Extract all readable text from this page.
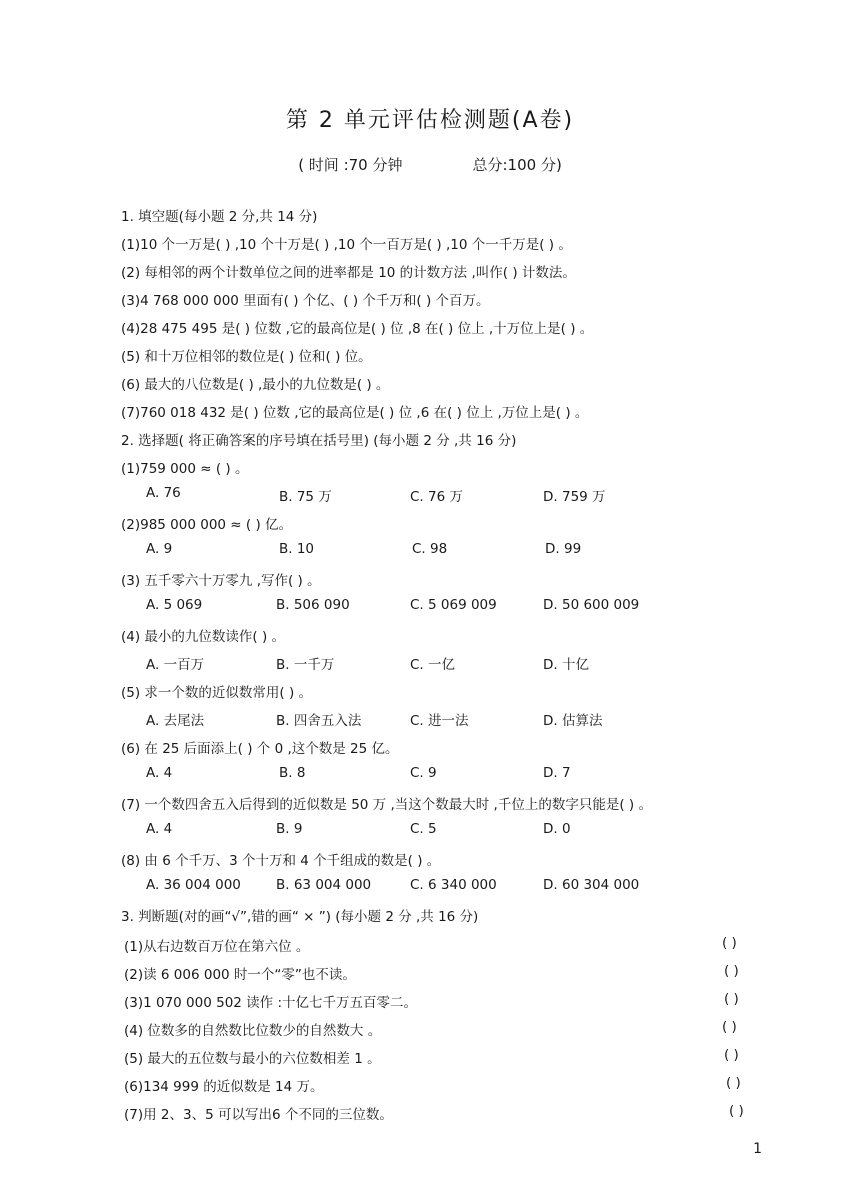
第 2 单元评估检测题(A卷)
( 时间 :70 分钟	总分:100 分)
1. 填空题(每小题 2 分,共 14 分)
(1)10 个一万是( ) ,10 个十万是( ) ,10 个一百万是( ) ,10 个一千万是( ) 。
(2) 每相邻的两个计数单位之间的进率都是 10 的计数方法 ,叫作( ) 计数法。
(3)4 768 000 000 里面有( ) 个亿、( ) 个千万和( ) 个百万。
(4)28 475 495 是( ) 位数 ,它的最高位是( ) 位 ,8 在( ) 位上 ,十万位上是( ) 。
(5) 和十万位相邻的数位是( ) 位和( ) 位。
(6) 最大的八位数是( ) ,最小的九位数是( ) 。
(7)760 018 432 是( ) 位数 ,它的最高位是( ) 位 ,6 在( ) 位上 ,万位上是( ) 。
2. 选择题( 将正确答案的序号填在括号里) (每小题 2 分 ,共 16 分)
(1)759 000 ≈ ( ) 。
A. 76	B. 75 万	C. 76 万	D. 759 万
(2)985 000 000 ≈ ( ) 亿。
A. 9	B. 10	C. 98	D. 99
(3) 五千零六十万零九 ,写作( ) 。
A. 5 069	B. 506 090	C. 5 069 009	D. 50 600 009
(4) 最小的九位数读作( ) 。
A. 一百万	B. 一千万	C. 一亿	D. 十亿
(5) 求一个数的近似数常用( ) 。
A. 去尾法	B. 四舍五入法	C. 进一法	D. 估算法
(6) 在 25 后面添上( ) 个 0 ,这个数是 25 亿。
A. 4	B. 8	C. 9	D. 7
(7) 一个数四舍五入后得到的近似数是 50 万 ,当这个数最大时 ,千位上的数字只能是( ) 。
A. 4	B. 9	C. 5	D. 0
(8) 由 6 个千万、3 个十万和 4 个千组成的数是( ) 。
A. 36 004 000	B. 63 004 000	C. 6 340 000	D. 60 304 000
3. 判断题(对的画“√”,错的画“ × ”) (每小题 2 分 ,共 16 分)
(1)从右边数百万位在第六位 。	( )
(2)读 6 006 000 时一个“零”也不读。	( )
(3)1 070 000 502 读作 :十亿七千万五百零二。	( )
(4) 位数多的自然数比位数少的自然数大 。	( )
(5) 最大的五位数与最小的六位数相差 1 。	( )
(6)134 999 的近似数是 14 万。	( )
(7)用 2、3、5 可以写出6 个不同的三位数。	( )
1
